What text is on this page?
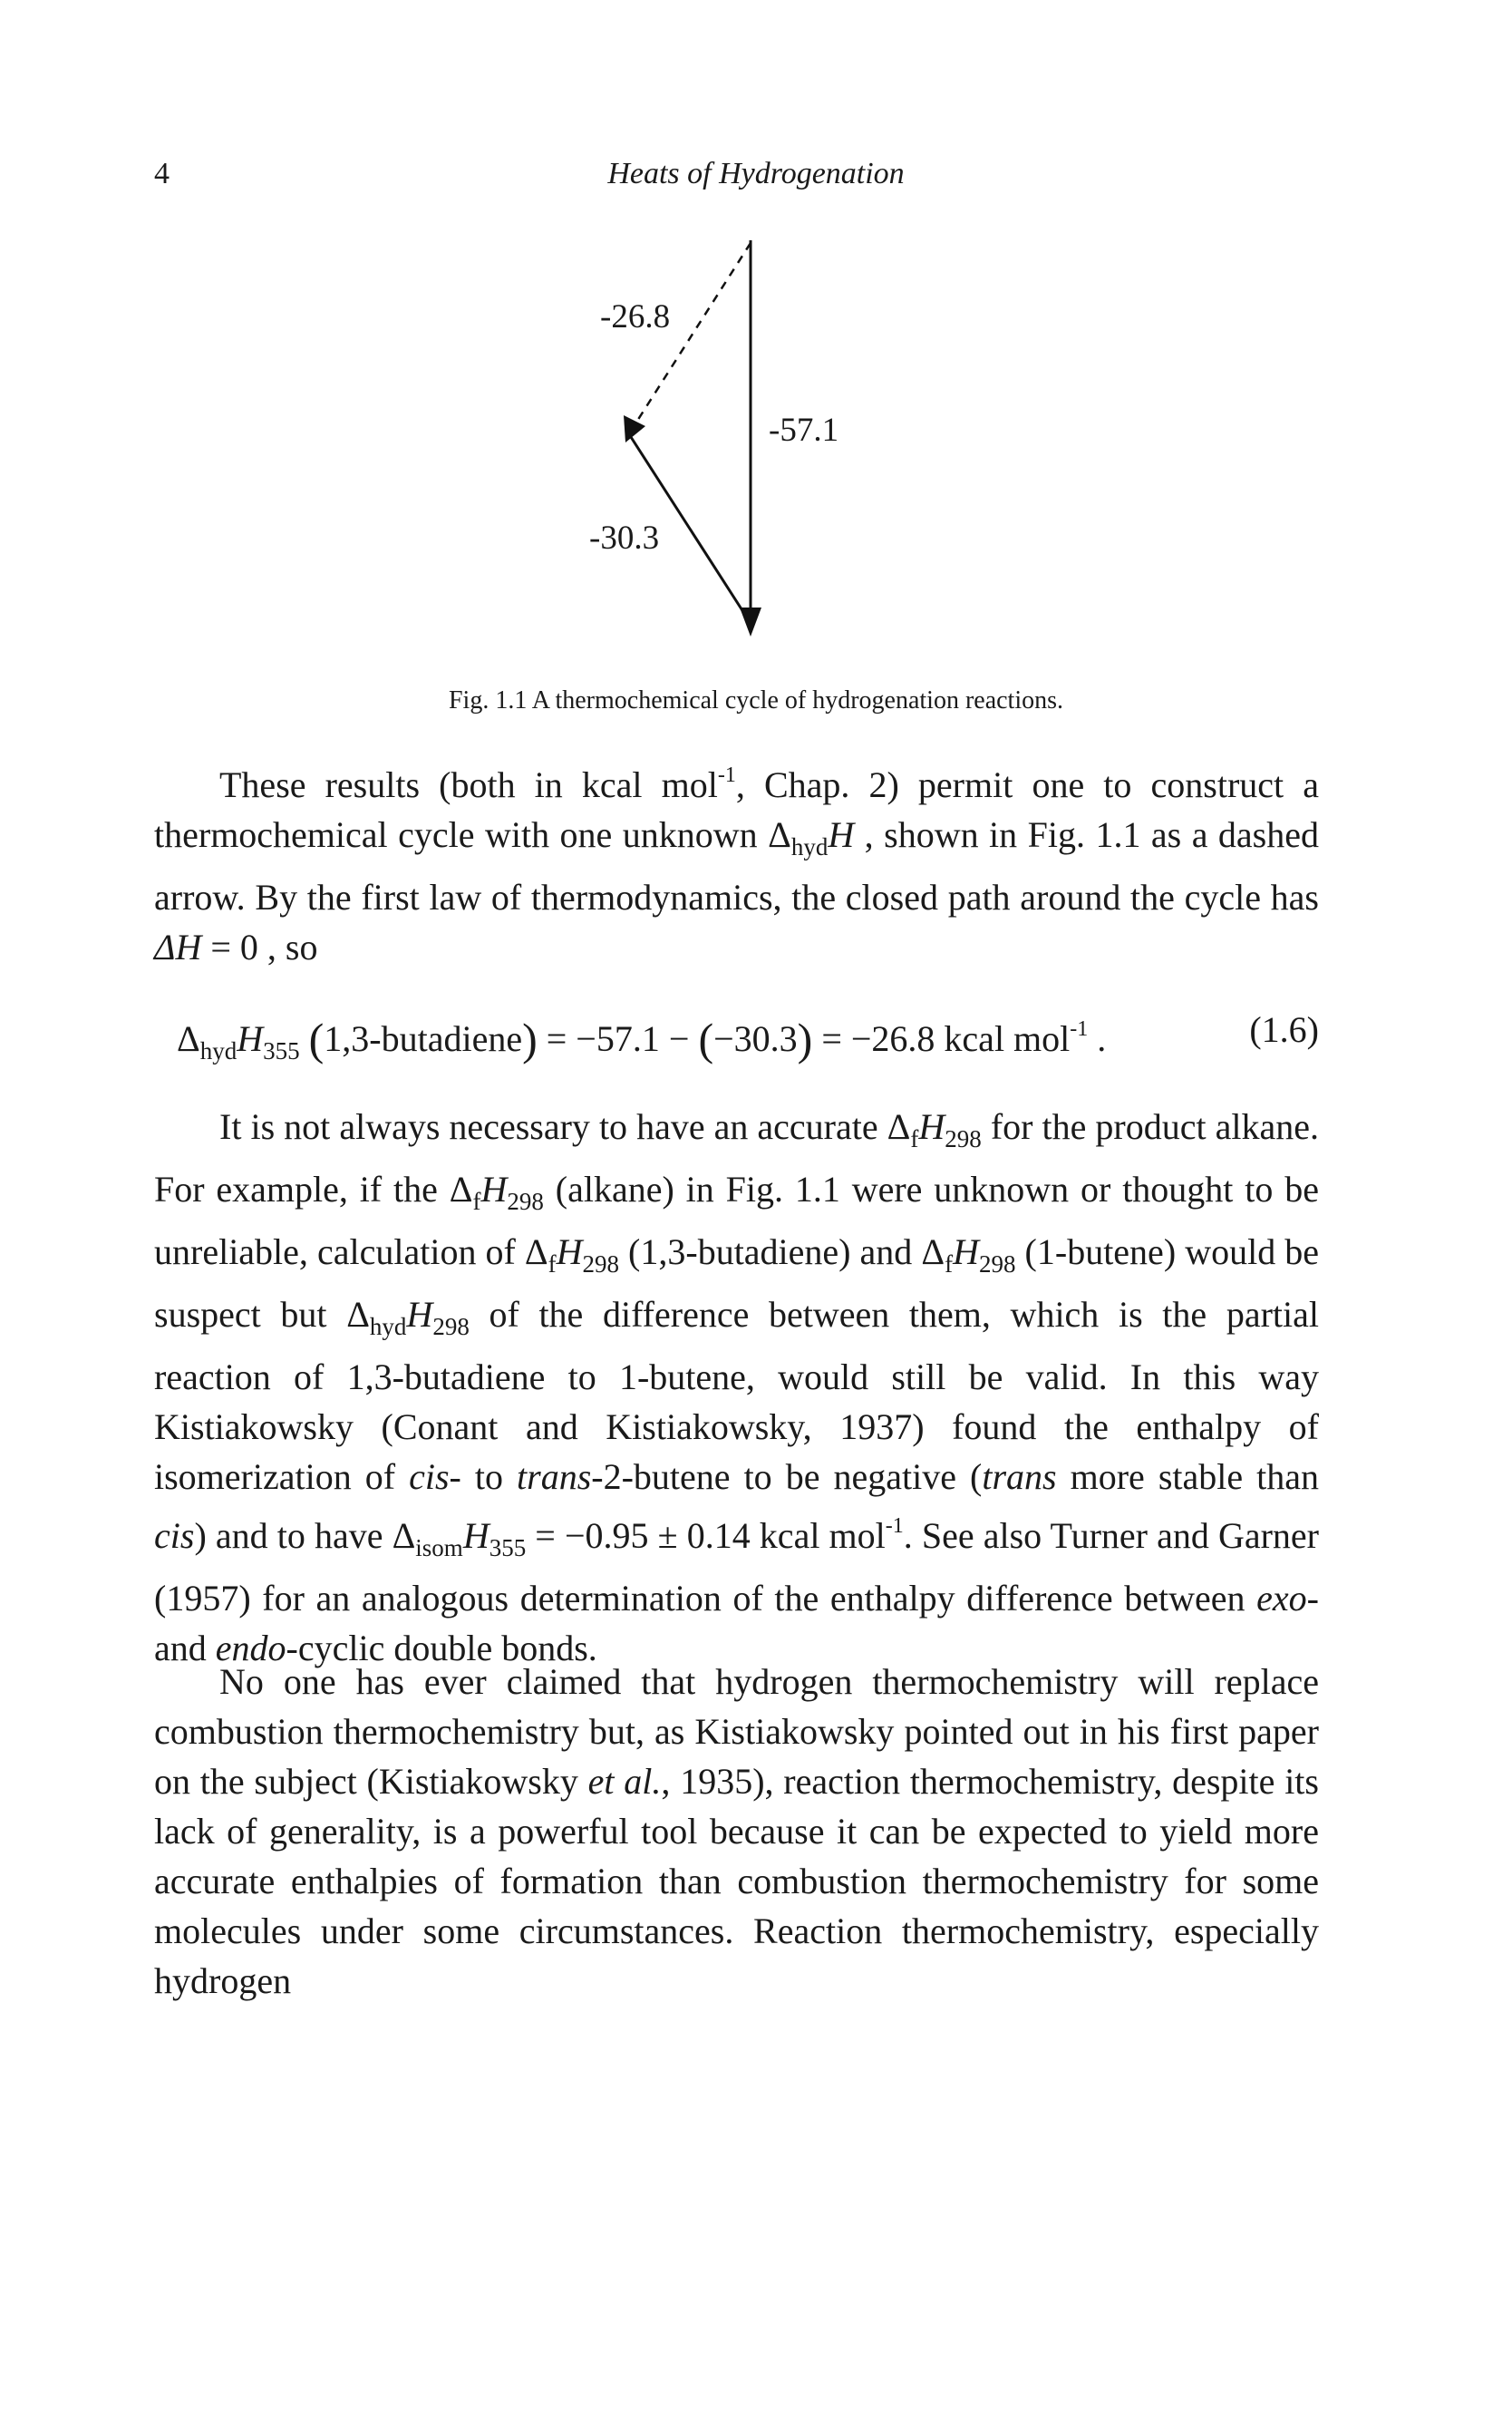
4	Heats of Hydrogenation
-26.8
-57.1
-30.3
Fig. 1.1 A thermochemical cycle of hydrogenation reactions.
These results (both in kcal mol$^{-1}$, Chap. 2) permit one to construct a thermochemical cycle with one unknown $\Delta_{hyd}H$ , shown in Fig. 1.1 as a dashed arrow. By the first law of thermodynamics, the closed path around the cycle has ΔH = 0 , so
$\Delta_{hyd}H_{355}$ (1,3-butadiene) = −57.1 − (−30.3) = −26.8 kcal mol$^{-1}$ .	(1.6)
It is not always necessary to have an accurate $\Delta_fH_{298}$ for the product alkane. For example, if the $\Delta_fH_{298}$ (alkane) in Fig. 1.1 were unknown or thought to be unreliable, calculation of $\Delta_fH_{298}$ (1,3-butadiene) and $\Delta_fH_{298}$ (1-butene) would be suspect but $\Delta_{hyd}H_{298}$ of the difference between them, which is the partial reaction of 1,3-butadiene to 1-butene, would still be valid. In this way Kistiakowsky (Conant and Kistiakowsky, 1937) found the enthalpy of isomerization of cis- to trans-2-butene to be negative (trans more stable than cis) and to have $\Delta_{isom}H_{355} = -0.95 \pm 0.14$ kcal mol$^{-1}$. See also Turner and Garner (1957) for an analogous determination of the enthalpy difference between exo- and endo-cyclic double bonds.
No one has ever claimed that hydrogen thermochemistry will replace combustion thermochemistry but, as Kistiakowsky pointed out in his first paper on the subject (Kistiakowsky et al., 1935), reaction thermochemistry, despite its lack of generality, is a powerful tool because it can be expected to yield more accurate enthalpies of formation than combustion thermochemistry for some molecules under some circumstances. Reaction thermochemistry, especially hydrogen
